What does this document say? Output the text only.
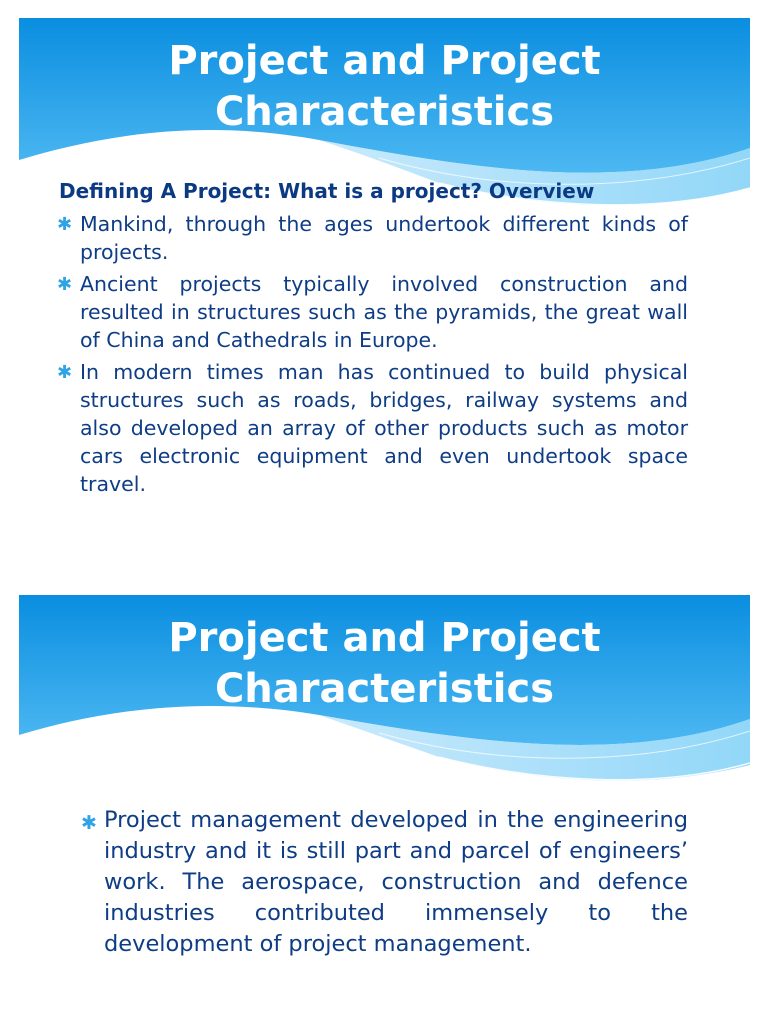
Project and Project
Characteristics

Defining A Project: What is a project? Overview

✱ Mankind, through the ages undertook different kinds of projects.
✱ Ancient projects typically involved construction and resulted in structures such as the pyramids, the great wall of China and Cathedrals in Europe.
✱ In modern times man has continued to build physical structures such as roads, bridges, railway systems and also developed an array of other products such as motor cars electronic equipment and even undertook space travel.
Project and Project
Characteristics
✱ Project management developed in the engineering industry and it is still part and parcel of engineers’ work. The aerospace, construction and defence industries contributed immensely to the development of project management.
